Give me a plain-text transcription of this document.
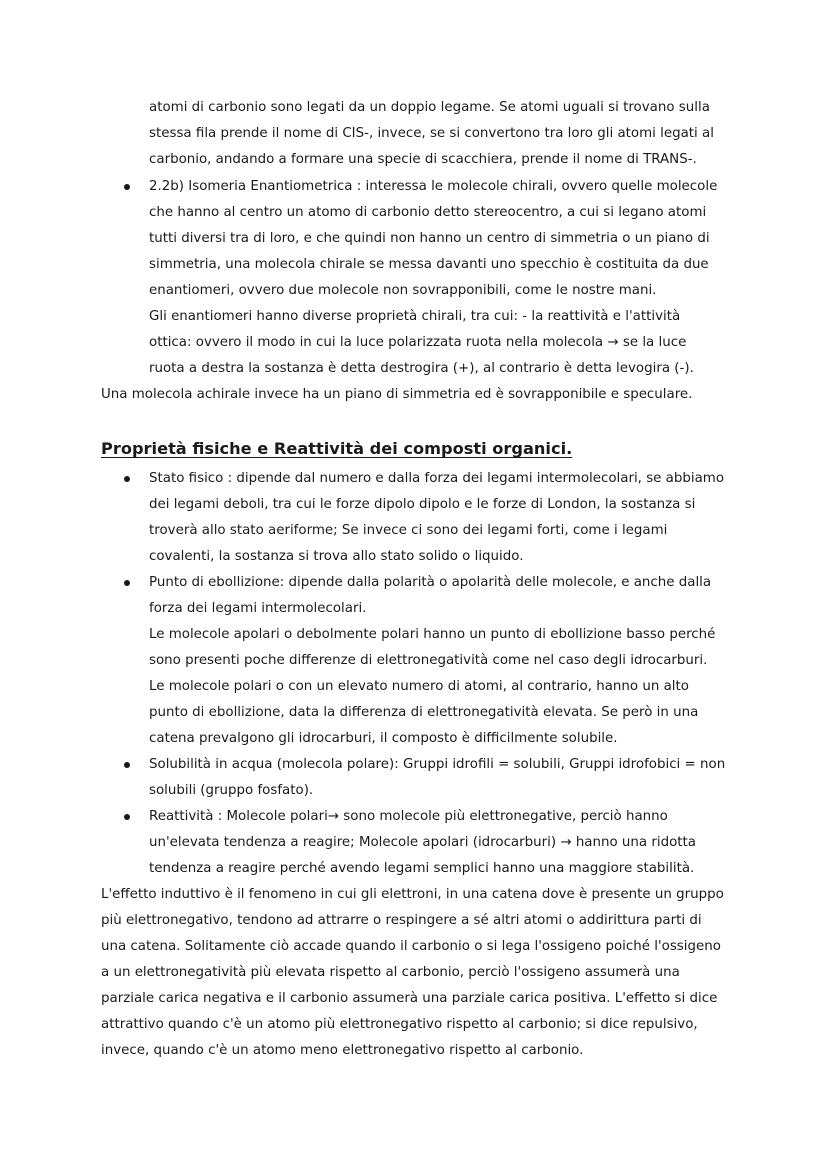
atomi di carbonio sono legati da un doppio legame. Se atomi uguali si trovano sulla
stessa fila prende il nome di CIS-, invece, se si convertono tra loro gli atomi legati al
carbonio, andando a formare una specie di scacchiera, prende il nome di TRANS-.
2.2b) Isomeria Enantiometrica : interessa le molecole chirali, ovvero quelle molecole
che hanno al centro un atomo di carbonio detto stereocentro, a cui si legano atomi
tutti diversi tra di loro, e che quindi non hanno un centro di simmetria o un piano di
simmetria, una molecola chirale se messa davanti uno specchio è costituita da due
enantiomeri, ovvero due molecole non sovrapponibili, come le nostre mani.
Gli enantiomeri hanno diverse proprietà chirali, tra cui: - la reattività e l'attività
ottica: ovvero il modo in cui la luce polarizzata ruota nella molecola → se la luce
ruota a destra la sostanza è detta destrogira (+), al contrario è detta levogira (-).
Una molecola achirale invece ha un piano di simmetria ed è sovrapponibile e speculare.
Proprietà fisiche e Reattività dei composti organici.
Stato fisico : dipende dal numero e dalla forza dei legami intermolecolari, se abbiamo
dei legami deboli, tra cui le forze dipolo dipolo e le forze di London, la sostanza si
troverà allo stato aeriforme; Se invece ci sono dei legami forti, come i legami
covalenti, la sostanza si trova allo stato solido o liquido.
Punto di ebollizione: dipende dalla polarità o apolarità delle molecole, e anche dalla
forza dei legami intermolecolari.
Le molecole apolari o debolmente polari hanno un punto di ebollizione basso perché
sono presenti poche differenze di elettronegatività come nel caso degli idrocarburi.
Le molecole polari o con un elevato numero di atomi, al contrario, hanno un alto
punto di ebollizione, data la differenza di elettronegatività elevata. Se però in una
catena prevalgono gli idrocarburi, il composto è difficilmente solubile.
Solubilità in acqua (molecola polare): Gruppi idrofili = solubili, Gruppi idrofobici = non
solubili (gruppo fosfato).
Reattività : Molecole polari→ sono molecole più elettronegative, perciò hanno
un'elevata tendenza a reagire; Molecole apolari (idrocarburi) → hanno una ridotta
tendenza a reagire perché avendo legami semplici hanno una maggiore stabilità.
L'effetto induttivo è il fenomeno in cui gli elettroni, in una catena dove è presente un gruppo
più elettronegativo, tendono ad attrarre o respingere a sé altri atomi o addirittura parti di
una catena. Solitamente ciò accade quando il carbonio o si lega l'ossigeno poiché l'ossigeno
a un elettronegatività più elevata rispetto al carbonio, perciò l'ossigeno assumerà una
parziale carica negativa e il carbonio assumerà una parziale carica positiva. L'effetto si dice
attrattivo quando c'è un atomo più elettronegativo rispetto al carbonio; si dice repulsivo,
invece, quando c'è un atomo meno elettronegativo rispetto al carbonio.
